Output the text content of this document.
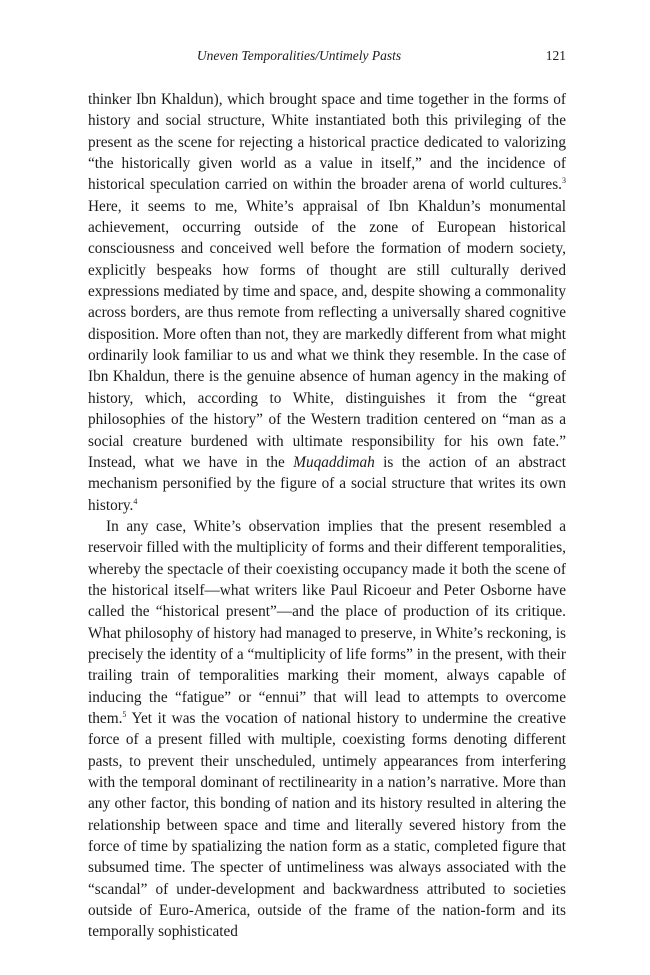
Uneven Temporalities/Untimely Pasts	121

thinker Ibn Khaldun), which brought space and time together in the forms of history and social structure, White instantiated both this privileging of the present as the scene for rejecting a historical practice dedicated to valorizing “the historically given world as a value in itself,” and the incidence of historical speculation carried on within the broader arena of world cultures.$^3$ Here, it seems to me, White’s appraisal of Ibn Khaldun’s monumental achievement, occurring outside of the zone of European historical consciousness and conceived well before the formation of modern society, explicitly bespeaks how forms of thought are still culturally derived expressions mediated by time and space, and, despite showing a commonality across borders, are thus remote from reflecting a universally shared cognitive disposition. More often than not, they are markedly different from what might ordinarily look familiar to us and what we think they resemble. In the case of Ibn Khaldun, there is the genuine absence of human agency in the making of history, which, according to White, distinguishes it from the “great philosophies of the history” of the Western tradition centered on “man as a social creature burdened with ultimate responsibility for his own fate.” Instead, what we have in the Muqaddimah is the action of an abstract mechanism personified by the figure of a social structure that writes its own history.$^4$

In any case, White’s observation implies that the present resembled a reservoir filled with the multiplicity of forms and their different temporalities, whereby the spectacle of their coexisting occupancy made it both the scene of the historical itself—what writers like Paul Ricoeur and Peter Osborne have called the “historical present”—and the place of production of its critique. What philosophy of history had managed to preserve, in White’s reckoning, is precisely the identity of a “multiplicity of life forms” in the present, with their trailing train of temporalities marking their moment, always capable of inducing the “fatigue” or “ennui” that will lead to attempts to overcome them.$^5$ Yet it was the vocation of national history to undermine the creative force of a present filled with multiple, coexisting forms denoting different pasts, to prevent their unscheduled, untimely appearances from interfering with the temporal dominant of rectilinearity in a nation’s narrative. More than any other factor, this bonding of nation and its history resulted in altering the relationship between space and time and literally severed history from the force of time by spatializing the nation form as a static, completed figure that subsumed time. The specter of untimeliness was always associated with the “scandal” of under-development and backwardness attributed to societies outside of Euro-America, outside of the frame of the nation-form and its temporally sophisticated
